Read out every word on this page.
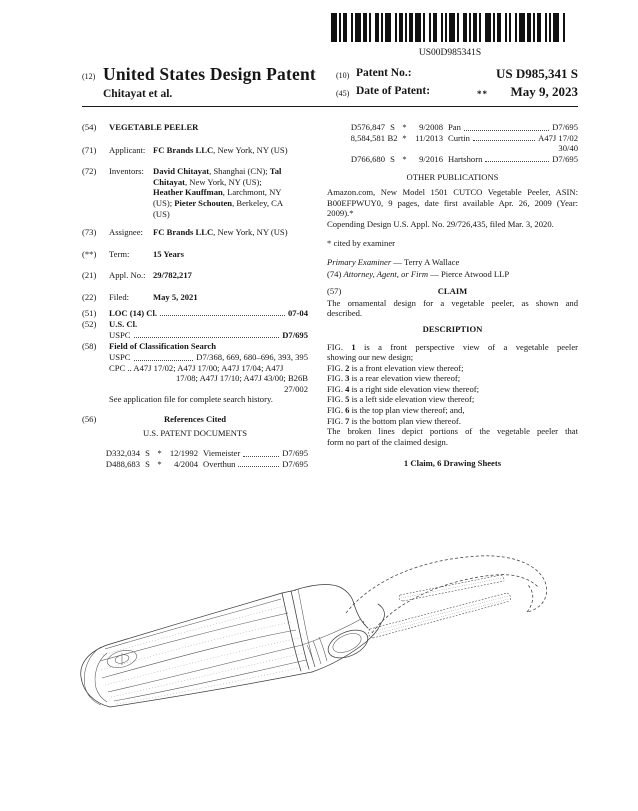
US00D985341S
(12) United States Design Patent
Chitayat et al.
(10) Patent No.:	US D985,341 S
(45) Date of Patent:	** May 9, 2023
(54)	VEGETABLE PEELER
(71)	Applicant: FC Brands LLC, New York, NY (US)
(72)	Inventors:	David Chitayat, Shanghai (CN); Tal
Chitayat, New York, NY (US);
Heather Kauffman, Larchmont, NY
(US); Pieter Schouten, Berkeley, CA
(US)
(73)	Assignee:	FC Brands LLC, New York, NY (US)
(**)	Term:	15 Years
(21)	Appl. No.: 29/782,217
(22)	Filed:	May 5, 2021
(51)	LOC (14) Cl.	07-04
(52)	U.S. Cl.
USPC	D7/695
(58)	Field of Classification Search
USPC	D7/368, 669, 680–696, 393, 395
CPC .. A47J 17/02; A47J 17/00; A47J 17/04; A47J
17/08; A47J 17/10; A47J 43/00; B26B
27/002
See application file for complete search history.
(56)	References Cited
U.S. PATENT DOCUMENTS
D332,034 S * 12/1992 Viemeister	D7/695
D488,683 S *	4/2004 Overthun	D7/695
D576,847 S *	9/2008 Pan	D7/695
8,584,581 B2 * 11/2013 Curtin	A47J 17/02
30/40
D766,680 S *	9/2016 Hartshorn	D7/695
OTHER PUBLICATIONS
Amazon.com, New Model 1501 CUTCO Vegetable Peeler, ASIN:
B00EFPWUY0, 9 pages, date first available Apr. 26, 2009 (Year:
2009).*
Copending Design U.S. Appl. No. 29/726,435, filed Mar. 3, 2020.
* cited by examiner
Primary Examiner — Terry A Wallace
(74) Attorney, Agent, or Firm — Pierce Atwood LLP
(57)	CLAIM
The ornamental design for a vegetable peeler, as shown and
described.
DESCRIPTION
FIG. 1 is a front perspective view of a vegetable peeler
showing our new design;
FIG. 2 is a front elevation view thereof;
FIG. 3 is a rear elevation view thereof;
FIG. 4 is a right side elevation view thereof;
FIG. 5 is a left side elevation view thereof;
FIG. 6 is the top plan view thereof; and,
FIG. 7 is the bottom plan view thereof.
The broken lines depict portions of the vegetable peeler that
form no part of the claimed design.
1 Claim, 6 Drawing Sheets
